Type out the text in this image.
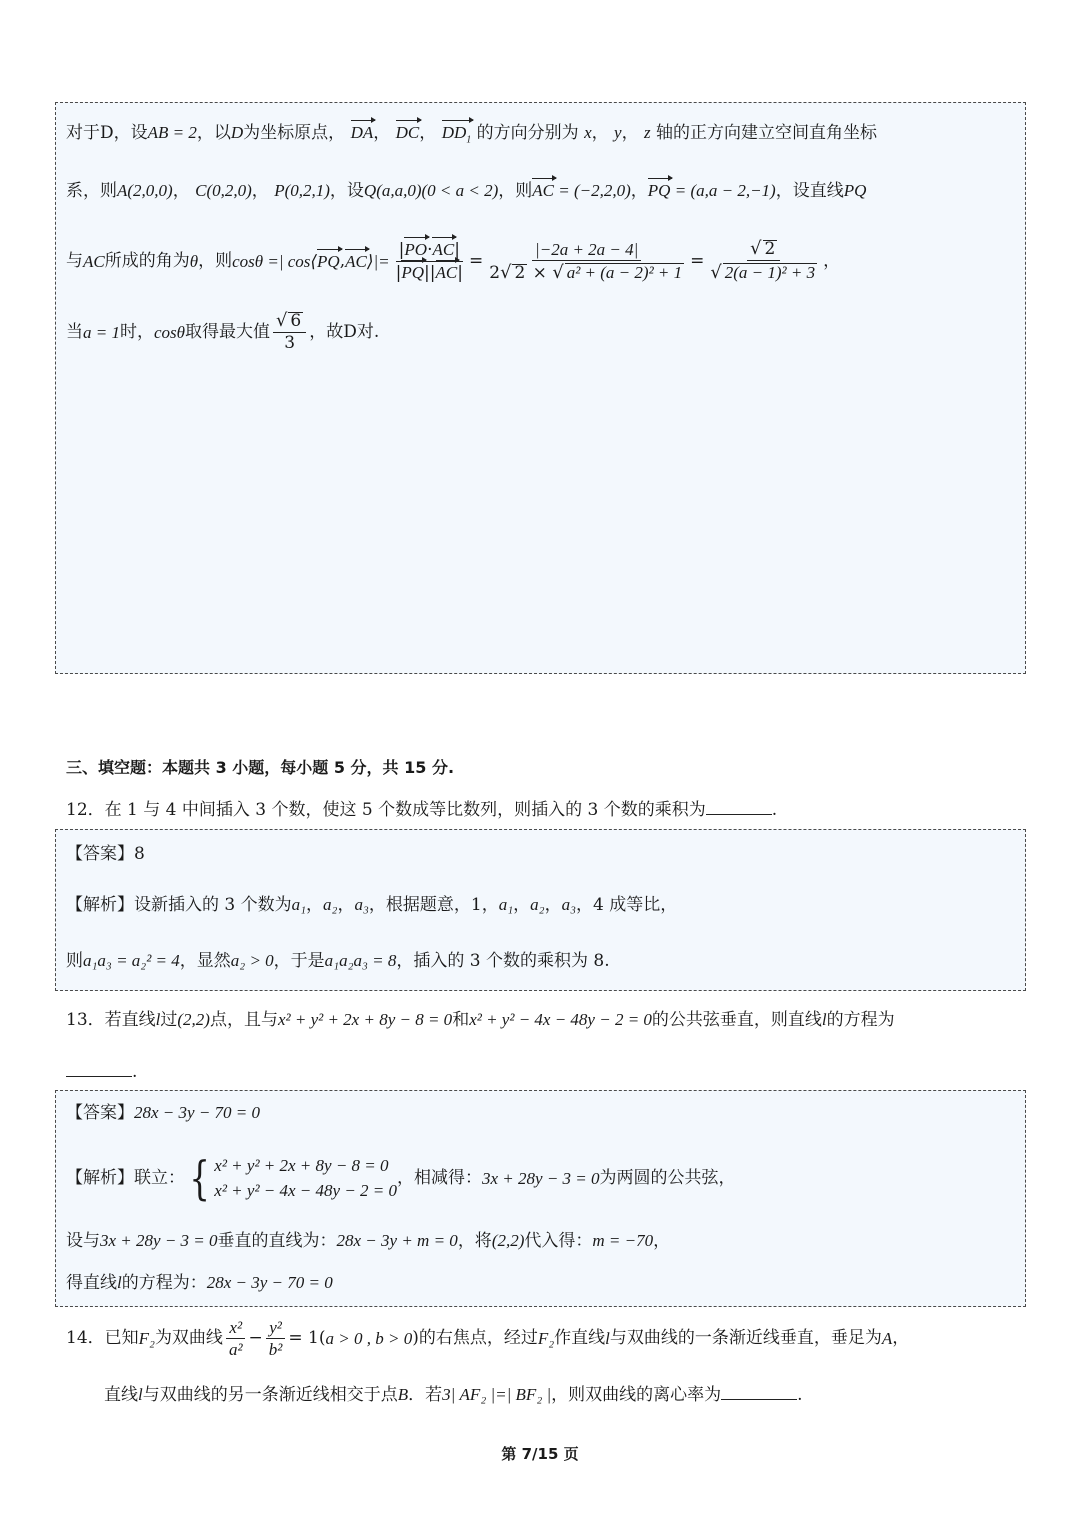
对于D，设AB = 2，以D为坐标原点， DA， DC， $DD_1$ 的方向分别为 x， y， z 轴的正方向建立空间直角坐标
系，则A(2,0,0)， C(0,2,0)， P(0,2,1)，设Q(a,a,0)(0 < a < 2)，则AC = (−2,2,0)，PQ = (a,a − 2,−1)，设直线PQ
与 AC 所成的角为 θ ，则 cosθ =| cos⟨ PQ , AC ⟩|= $\frac{|PO\cdot AC|}{|PQ||AC|} = \frac{|-2a + 2a - 4|}{\text{2√ 2 × √ a² + (a − 2)² + 1}} = \frac{√ 2}{\text{√ 2(a − 1)² + 3}}$ ，
当 a = 1 时， cosθ 取得最大值 $\frac{√ 6}{3}$ ，故D对.
三、填空题：本题共 3 小题，每小题 5 分，共 15 分.
12．在 1 与 4 中间插入 3 个数，使这 5 个数成等比数列，则插入的 3 个数的乘积为	.
【答案】8
【解析】设新插入的 3 个数为a₁，a₂，a₃，根据题意，1，a₁，a₂，a₃，4 成等比，
则a₁a₃ = a₂² = 4，显然a₂ > 0，于是a₁a₂a₃ = 8，插入的 3 个数的乘积为 8.
13．若直线l过(2,2)点，且与x² + y² + 2x + 8y − 8 = 0和x² + y² − 4x − 48y − 2 = 0的公共弦垂直，则直线l的方程为
.
【答案】28x − 3y − 70 = 0
【解析】 联立： { x² + y² + 2x + 8y − 8 = 0
x² + y² − 4x − 48y − 2 = 0
，相减得： 3x + 28y − 3 = 0 为两圆的公共弦，
设与3x + 28y − 3 = 0垂直的直线为：28x − 3y + m = 0，将(2,2)代入得：m = −70，
得直线l的方程为：28x − 3y − 70 = 0
14．已知 F₂ 为双曲线 $\frac{\text{x²}}{\text{a²}} - \frac{\text{y²}}{\text{b²}} = 1$( a > 0 , b > 0 ) 的右焦点，经过 F₂ 作直线 l 与双曲线的一条渐近线垂直，垂足为 A ，
直线l与双曲线的另一条渐近线相交于点B．若3| AF₂ |=| BF₂ |，则双曲线的离心率为	.
第 7/15 页
